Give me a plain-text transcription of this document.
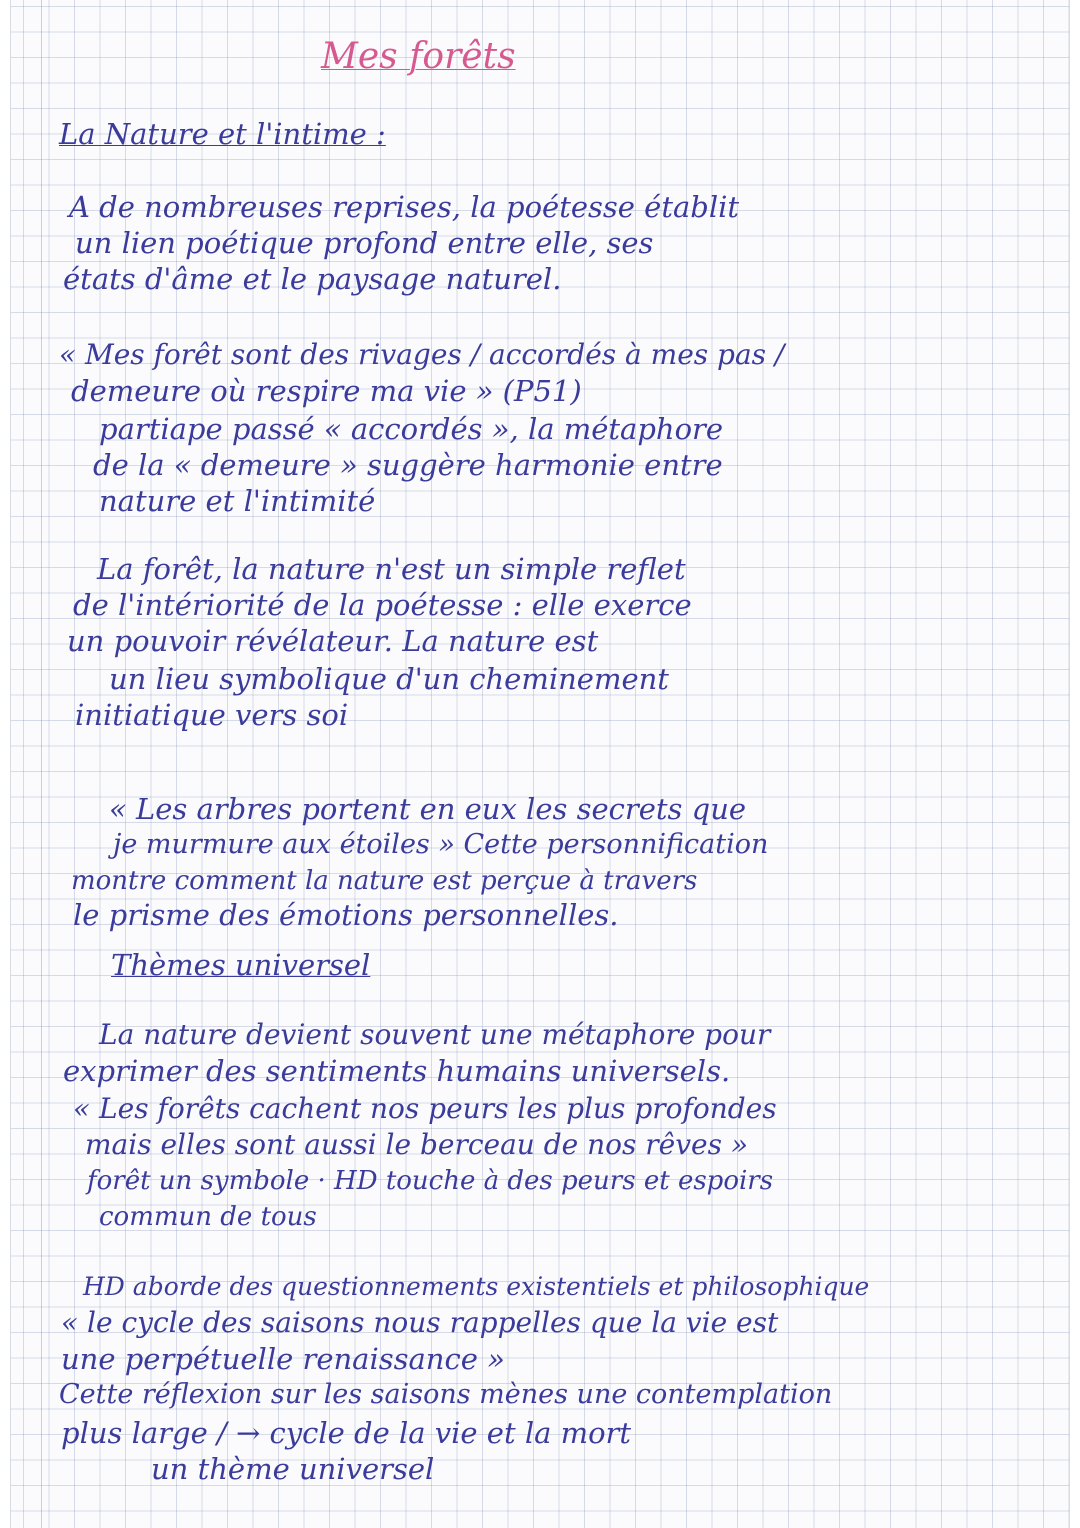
Mes forêts
La Nature et l'intime :
A de nombreuses reprises, la poétesse établit
un lien poétique profond entre elle, ses
états d'âme et le paysage naturel.
« Mes forêt sont des rivages / accordés à mes pas /
demeure où respire ma vie » (P51)
partiape passé « accordés », la métaphore
de la « demeure » suggère harmonie entre
nature et l'intimité
La forêt, la nature n'est un simple reflet
de l'intériorité de la poétesse : elle exerce
un pouvoir révélateur. La nature est
un lieu symbolique d'un cheminement
initiatique vers soi
« Les arbres portent en eux les secrets que
je murmure aux étoiles » Cette personnification
montre comment la nature est perçue à travers
le prisme des émotions personnelles.
Thèmes universel
La nature devient souvent une métaphore pour
exprimer des sentiments humains universels.
« Les forêts cachent nos peurs les plus profondes
mais elles sont aussi le berceau de nos rêves »
forêt un symbole · HD touche à des peurs et espoirs
commun de tous
HD aborde des questionnements existentiels et philosophique
« le cycle des saisons nous rappelles que la vie est
une perpétuelle renaissance »
Cette réflexion sur les saisons mènes une contemplation
plus large / → cycle de la vie et la mort
un thème universel
